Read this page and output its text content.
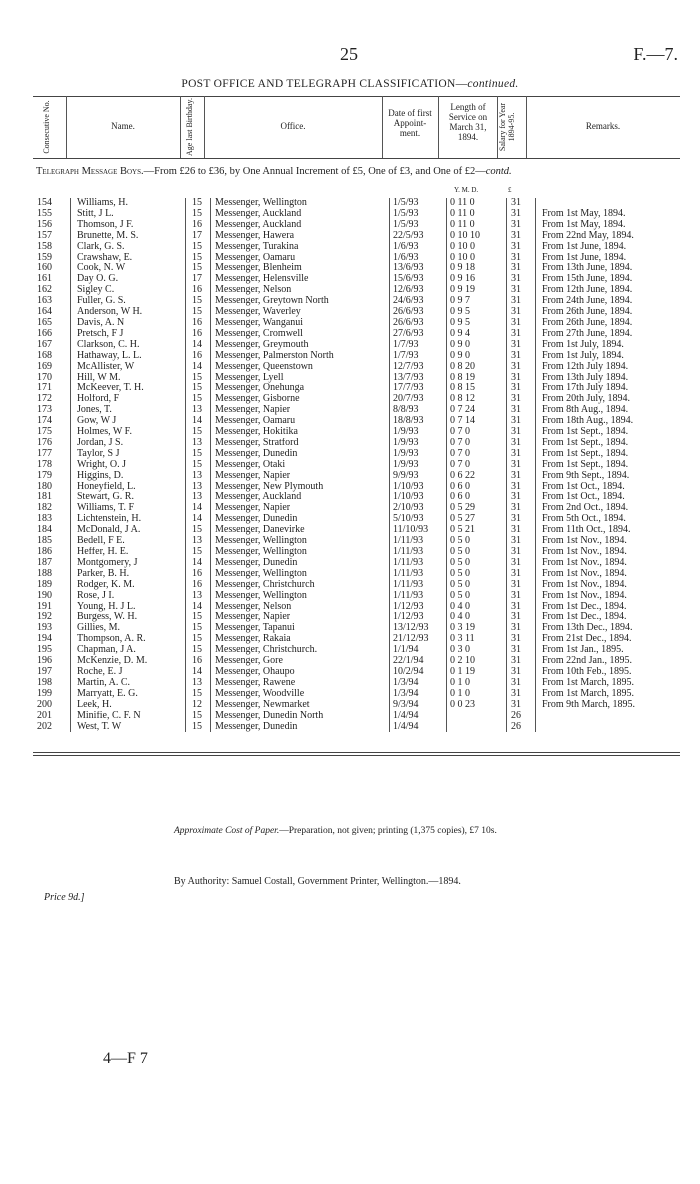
25	F.—7.
POST OFFICE AND TELEGRAPH CLASSIFICATION—continued.
Consecutive No.	Name.	Age last Birthday.	Office.
Date of first Appoint-ment.
Length of Service on March 31, 1894.	Salary for Year 1894-95.	Remarks.
Telegraph Message Boys.—From £26 to £36, by One Annual Increment of £5, One of £3, and One of £2—contd.
Y. M. D.	£
154	Williams, H.	15	Messenger, Wellington	1/5/93	0 11 0	31	
155	Stitt, J L.	15	Messenger, Auckland	1/5/93	0 11 0	31	From 1st May, 1894.
156	Thomson, J F.	16	Messenger, Auckland	1/5/93	0 11 0	31	From 1st May, 1894.
157	Brunette, M. S.	17	Messenger, Hawera	22/5/93	0 10 10	31	From 22nd May, 1894.
158	Clark, G. S.	15	Messenger, Turakina	1/6/93	0 10 0	31	From 1st June, 1894.
159	Crawshaw, E.	15	Messenger, Oamaru	1/6/93	0 10 0	31	From 1st June, 1894.
160	Cook, N. W	15	Messenger, Blenheim	13/6/93	0 9 18	31	From 13th June, 1894.
161	Day O. G.	17	Messenger, Helensville	15/6/93	0 9 16	31	From 15th June, 1894.
162	Sigley C.	16	Messenger, Nelson	12/6/93	0 9 19	31	From 12th June, 1894.
163	Fuller, G. S.	15	Messenger, Greytown North	24/6/93	0 9 7	31	From 24th June, 1894.
164	Anderson, W H.	15	Messenger, Waverley	26/6/93	0 9 5	31	From 26th June, 1894.
165	Davis, A. N	16	Messenger, Wanganui	26/6/93	0 9 5	31	From 26th June, 1894.
166	Pretsch, F J	16	Messenger, Cromwell	27/6/93	0 9 4	31	From 27th June, 1894.
167	Clarkson, C. H.	14	Messenger, Greymouth	1/7/93	0 9 0	31	From 1st July, 1894.
168	Hathaway, L. L.	16	Messenger, Palmerston North	1/7/93	0 9 0	31	From 1st July, 1894.
169	McAllister, W	14	Messenger, Queenstown	12/7/93	0 8 20	31	From 12th July 1894.
170	Hill, W M.	15	Messenger, Lyell	13/7/93	0 8 19	31	From 13th July 1894.
171	McKeever, T. H.	15	Messenger, Onehunga	17/7/93	0 8 15	31	From 17th July 1894.
172	Holford, F	15	Messenger, Gisborne	20/7/93	0 8 12	31	From 20th July, 1894.
173	Jones, T.	13	Messenger, Napier	8/8/93	0 7 24	31	From 8th Aug., 1894.
174	Gow, W J	14	Messenger, Oamaru	18/8/93	0 7 14	31	From 18th Aug., 1894.
175	Holmes, W F.	15	Messenger, Hokitika	1/9/93	0 7 0	31	From 1st Sept., 1894.
176	Jordan, J S.	13	Messenger, Stratford	1/9/93	0 7 0	31	From 1st Sept., 1894.
177	Taylor, S J	15	Messenger, Dunedin	1/9/93	0 7 0	31	From 1st Sept., 1894.
178	Wright, O. J	15	Messenger, Otaki	1/9/93	0 7 0	31	From 1st Sept., 1894.
179	Higgins, D.	13	Messenger, Napier	9/9/93	0 6 22	31	From 9th Sept., 1894.
180	Honeyfield, L.	13	Messenger, New Plymouth	1/10/93	0 6 0	31	From 1st Oct., 1894.
181	Stewart, G. R.	13	Messenger, Auckland	1/10/93	0 6 0	31	From 1st Oct., 1894.
182	Williams, T. F	14	Messenger, Napier	2/10/93	0 5 29	31	From 2nd Oct., 1894.
183	Lichtenstein, H.	14	Messenger, Dunedin	5/10/93	0 5 27	31	From 5th Oct., 1894.
184	McDonald, J A.	15	Messenger, Danevirke	11/10/93	0 5 21	31	From 11th Oct., 1894.
185	Bedell, F E.	13	Messenger, Wellington	1/11/93	0 5 0	31	From 1st Nov., 1894.
186	Heffer, H. E.	15	Messenger, Wellington	1/11/93	0 5 0	31	From 1st Nov., 1894.
187	Montgomery, J	14	Messenger, Dunedin	1/11/93	0 5 0	31	From 1st Nov., 1894.
188	Parker, B. H.	16	Messenger, Wellington	1/11/93	0 5 0	31	From 1st Nov., 1894.
189	Rodger, K. M.	16	Messenger, Christchurch	1/11/93	0 5 0	31	From 1st Nov., 1894.
190	Rose, J I.	13	Messenger, Wellington	1/11/93	0 5 0	31	From 1st Nov., 1894.
191	Young, H. J L.	14	Messenger, Nelson	1/12/93	0 4 0	31	From 1st Dec., 1894.
192	Burgess, W. H.	15	Messenger, Napier	1/12/93	0 4 0	31	From 1st Dec., 1894.
193	Gillies, M.	15	Messenger, Tapanui	13/12/93	0 3 19	31	From 13th Dec., 1894.
194	Thompson, A. R.	15	Messenger, Rakaia	21/12/93	0 3 11	31	From 21st Dec., 1894.
195	Chapman, J A.	15	Messenger, Christchurch.	1/1/94	0 3 0	31	From 1st Jan., 1895.
196	McKenzie, D. M.	16	Messenger, Gore	22/1/94	0 2 10	31	From 22nd Jan., 1895.
197	Roche, E. J	14	Messenger, Ohaupo	10/2/94	0 1 19	31	From 10th Feb., 1895.
198	Martin, A. C.	13	Messenger, Rawene	1/3/94	0 1 0	31	From 1st March, 1895.
199	Marryatt, E. G.	15	Messenger, Woodville	1/3/94	0 1 0	31	From 1st March, 1895.
200	Leek, H.	12	Messenger, Newmarket	9/3/94	0 0 23	31	From 9th March, 1895.
201	Minifie, C. F. N	15	Messenger, Dunedin North	1/4/94		26	
202	West, T. W	15	Messenger, Dunedin	1/4/94		26	
Approximate Cost of Paper.—Preparation, not given; printing (1,375 copies), £7 10s.
By Authority: Samuel Costall, Government Printer, Wellington.—1894.
Price 9d.]
4—F 7
